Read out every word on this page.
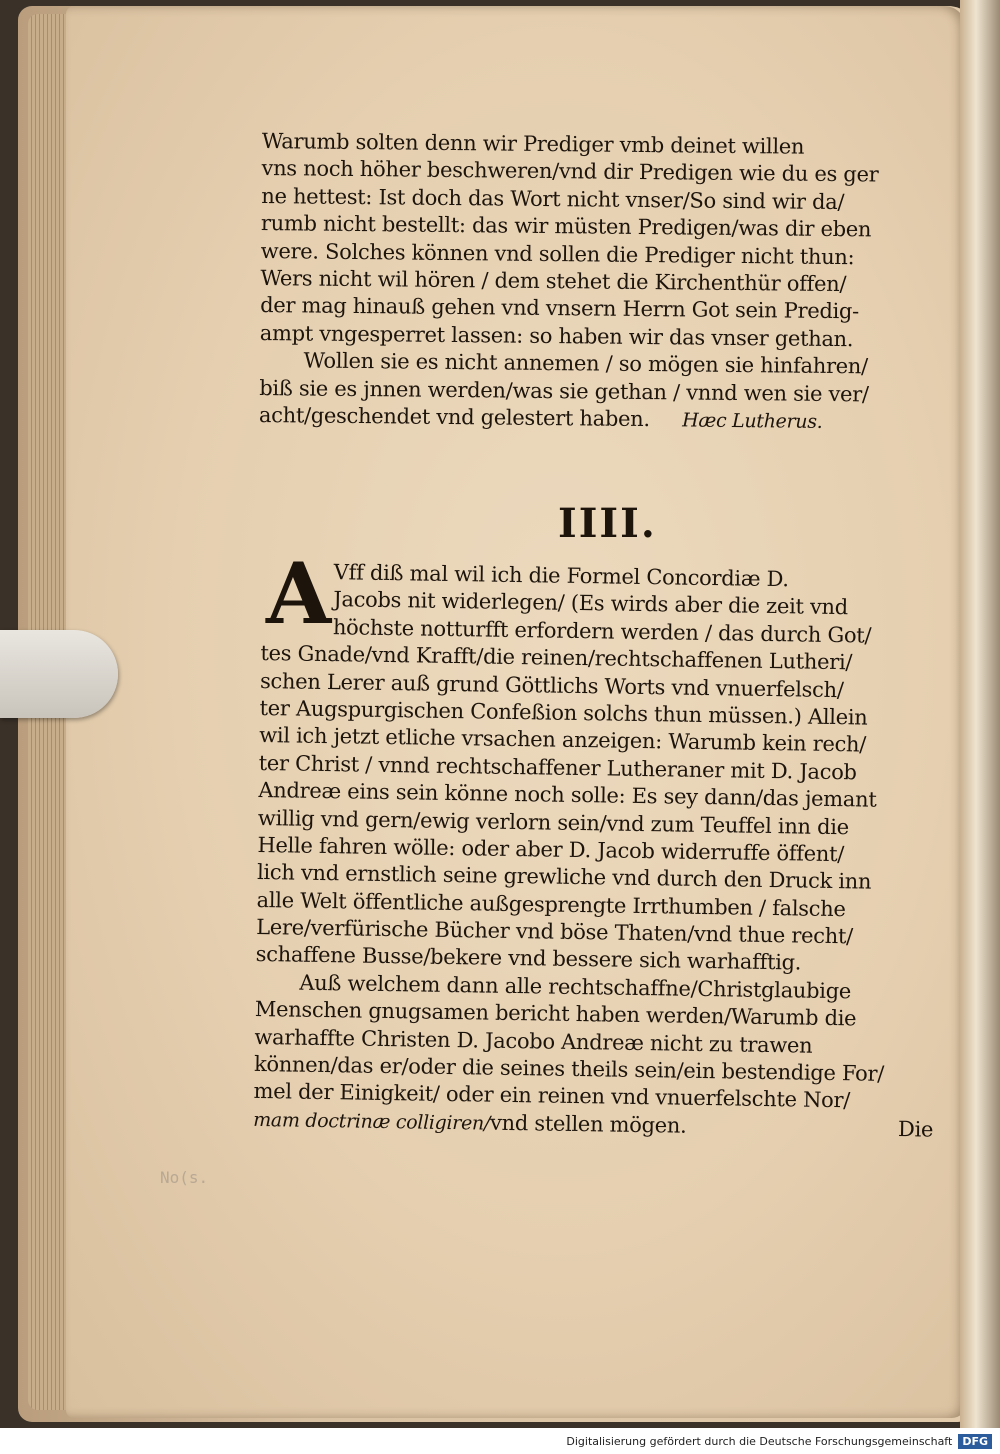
Warumb solten denn wir Prediger vmb deinet willen
vns noch höher beschweren/vnd dir Predigen wie du es ger
ne hettest: Ist doch das Wort nicht vnser/So sind wir da/
rumb nicht bestellt: das wir müsten Predigen/was dir eben
were. Solches können vnd sollen die Prediger nicht thun:
Wers nicht wil hören / dem stehet die Kirchenthür offen/
der mag hinauß gehen vnd vnsern Herrn Got sein Predig-
ampt vngesperret lassen: so haben wir das vnser gethan.
Wollen sie es nicht annemen / so mögen sie hinfahren/
biß sie es jnnen werden/was sie gethan / vnnd wen sie ver/
acht/geschendet vnd gelestert haben. Hæc Lutherus.
IIII.
A Vff diß mal wil ich die Formel Concordiæ D.
Jacobs nit widerlegen/ (Es wirds aber die zeit vnd
höchste notturfft erfordern werden / das durch Got/
tes Gnade/vnd Krafft/die reinen/rechtschaffenen Lutheri/
schen Lerer auß grund Göttlichs Worts vnd vnuerfelsch/
ter Augspurgischen Confeßion solchs thun müssen.) Allein
wil ich jetzt etliche vrsachen anzeigen: Warumb kein rech/
ter Christ / vnnd rechtschaffener Lutheraner mit D. Jacob
Andreæ eins sein könne noch solle: Es sey dann/das jemant
willig vnd gern/ewig verlorn sein/vnd zum Teuffel inn die
Helle fahren wölle: oder aber D. Jacob widerruffe öffent/
lich vnd ernstlich seine grewliche vnd durch den Druck inn
alle Welt öffentliche außgesprengte Irrthumben / falsche
Lere/verfürische Bücher vnd böse Thaten/vnd thue recht/
schaffene Busse/bekere vnd bessere sich warhafftig.
Auß welchem dann alle rechtschaffne/Christglaubige
Menschen gnugsamen bericht haben werden/Warumb die
warhaffte Christen D. Jacobo Andreæ nicht zu trawen
können/das er/oder die seines theils sein/ein bestendige For/
mel der Einigkeit/ oder ein reinen vnd vnuerfelschte Nor/
mam doctrinæ colligiren/vnd stellen mögen.	Die
No(s.
Digitalisierung gefördert durch die Deutsche Forschungsgemeinschaft DFG
